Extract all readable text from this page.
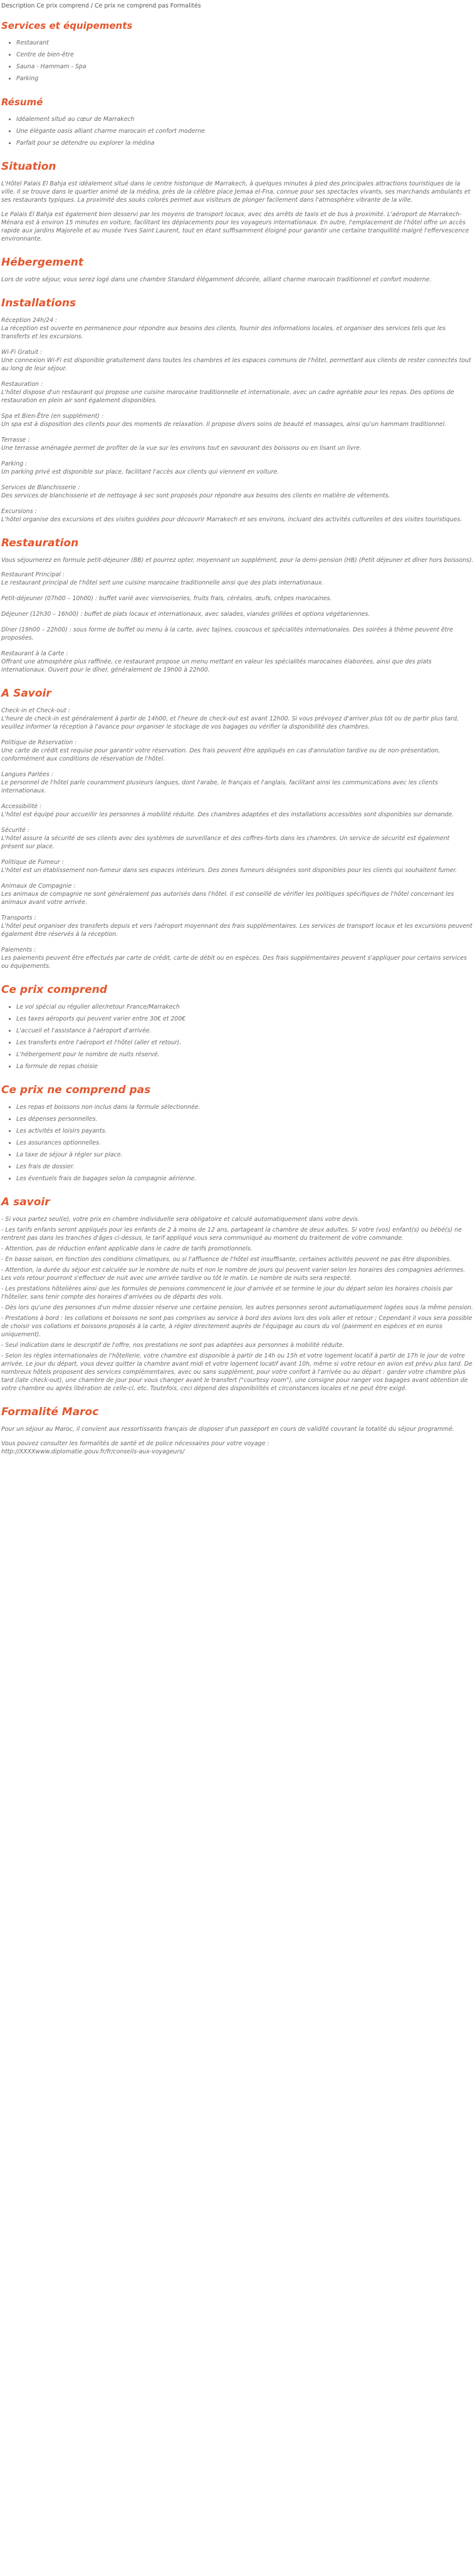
Description Ce prix comprend / Ce prix ne comprend pas Formalités
Services et équipements
• Restaurant
• Centre de bien-être
• Sauna - Hammam - Spa
• Parking
Résumé
• Idéalement situé au cœur de Marrakech
• Une élégante oasis alliant charme marocain et confort moderne
• Parfait pour se détendre ou explorer la médina
Situation

L'Hôtel Palais El Bahja est idéalement situé dans le centre historique de Marrakech, à quelques minutes à pied des principales attractions touristiques de la ville. Il se trouve dans le quartier animé de la médina, près de la célèbre place Jemaa el-Fna, connue pour ses spectacles vivants, ses marchands ambulants et ses restaurants typiques. La proximité des souks colorés permet aux visiteurs de plonger facilement dans l'atmosphère vibrante de la ville.

Le Palais El Bahja est également bien desservi par les moyens de transport locaux, avec des arrêts de taxis et de bus à proximité. L'aéroport de Marrakech-Ménara est à environ 15 minutes en voiture, facilitant les déplacements pour les voyageurs internationaux. En outre, l'emplacement de l'hôtel offre un accès rapide aux jardins Majorelle et au musée Yves Saint Laurent, tout en étant suffisamment éloigné pour garantir une certaine tranquillité malgré l'effervescence environnante.

Hébergement

Lors de votre séjour, vous serez logé dans une chambre Standard élégamment décorée, alliant charme marocain traditionnel et confort moderne.

Installations
Réception 24h/24 :
La réception est ouverte en permanence pour répondre aux besoins des clients, fournir des informations locales, et organiser des services tels que les transferts et les excursions.
Wi-Fi Gratuit :
Une connexion Wi-Fi est disponible gratuitement dans toutes les chambres et les espaces communs de l'hôtel, permettant aux clients de rester connectés tout au long de leur séjour.
Restauration :
L'hôtel dispose d'un restaurant qui propose une cuisine marocaine traditionnelle et internationale, avec un cadre agréable pour les repas. Des options de restauration en plein air sont également disponibles.
Spa et Bien-Être (en supplément) :
Un spa est à disposition des clients pour des moments de relaxation. Il propose divers soins de beauté et massages, ainsi qu'un hammam traditionnel.
Terrasse :
Une terrasse aménagée permet de profiter de la vue sur les environs tout en savourant des boissons ou en lisant un livre.
Parking :
Un parking privé est disponible sur place, facilitant l'accès aux clients qui viennent en voiture.
Services de Blanchisserie :
Des services de blanchisserie et de nettoyage à sec sont proposés pour répondre aux besoins des clients en matière de vêtements.
Excursions :
L'hôtel organise des excursions et des visites guidées pour découvrir Marrakech et ses environs, incluant des activités culturelles et des visites touristiques.
Restauration

Vous séjournerez en formule petit-déjeuner (BB) et pourrez opter, moyennant un supplément, pour la demi-pension (HB) (Petit déjeuner et dîner hors boissons).

Restaurant Principal :
Le restaurant principal de l'hôtel sert une cuisine marocaine traditionnelle ainsi que des plats internationaux.
Petit-déjeuner (07h00 – 10h00) : buffet varié avec viennoiseries, fruits frais, céréales, œufs, crêpes marocaines.
Déjeuner (12h30 – 16h00) : buffet de plats locaux et internationaux, avec salades, viandes grillées et options végétariennes.
Dîner (19h00 – 22h00) : sous forme de buffet ou menu à la carte, avec tajines, couscous et spécialités internationales. Des soirées à thème peuvent être proposées.
Restaurant à la Carte :
Offrant une atmosphère plus raffinée, ce restaurant propose un menu mettant en valeur les spécialités marocaines élaborées, ainsi que des plats internationaux. Ouvert pour le dîner, généralement de 19h00 à 22h00.
A Savoir
Check-in et Check-out :
L'heure de check-in est généralement à partir de 14h00, et l'heure de check-out est avant 12h00. Si vous prévoyez d'arriver plus tôt ou de partir plus tard, veuillez informer la réception à l'avance pour organiser le stockage de vos bagages ou vérifier la disponibilité des chambres.
Politique de Réservation :
Une carte de crédit est requise pour garantir votre réservation. Des frais peuvent être appliqués en cas d'annulation tardive ou de non-présentation, conformément aux conditions de réservation de l'hôtel.
Langues Parlées :
Le personnel de l'hôtel parle couramment plusieurs langues, dont l'arabe, le français et l'anglais, facilitant ainsi les communications avec les clients internationaux.
Accessibilité :
L'hôtel est équipé pour accueillir les personnes à mobilité réduite. Des chambres adaptées et des installations accessibles sont disponibles sur demande.
Sécurité :
L'hôtel assure la sécurité de ses clients avec des systèmes de surveillance et des coffres-forts dans les chambres. Un service de sécurité est également présent sur place.
Politique de Fumeur :
L'hôtel est un établissement non-fumeur dans ses espaces intérieurs. Des zones fumeurs désignées sont disponibles pour les clients qui souhaitent fumer.
Animaux de Compagnie :
Les animaux de compagnie ne sont généralement pas autorisés dans l'hôtel. Il est conseillé de vérifier les politiques spécifiques de l'hôtel concernant les animaux avant votre arrivée.
Transports :
L'hôtel peut organiser des transferts depuis et vers l'aéroport moyennant des frais supplémentaires. Les services de transport locaux et les excursions peuvent également être réservés à la réception.
Paiements :
Les paiements peuvent être effectués par carte de crédit, carte de débit ou en espèces. Des frais supplémentaires peuvent s'appliquer pour certains services ou équipements.
Ce prix comprend
• Le vol spécial ou régulier aller/retour France/Marrakech
• Les taxes aéroports qui peuvent varier entre 30€ et 200€
• L'accueil et l'assistance à l'aéroport d'arrivée.
• Les transferts entre l'aéroport et l'hôtel (aller et retour).
• L'hébergement pour le nombre de nuits réservé.
• La formule de repas choisie
Ce prix ne comprend pas
• Les repas et boissons non inclus dans la formule sélectionnée.
• Les dépenses personnelles.
• Les activités et loisirs payants.
• Les assurances optionnelles.
• La taxe de séjour à régler sur place.
• Les frais de dossier.
• Les éventuels frais de bagages selon la compagnie aérienne.
A savoir

- Si vous partez seul(e), votre prix en chambre individuelle sera obligatoire et calculé automatiquement dans votre devis.

- Les tarifs enfants seront appliqués pour les enfants de 2 à moins de 12 ans, partageant la chambre de deux adultes. Si votre (vos) enfant(s) ou bébé(s) ne rentrent pas dans les tranches d'âges ci-dessus, le tarif appliqué vous sera communiqué au moment du traitement de votre commande.

- Attention, pas de réduction enfant applicable dans le cadre de tarifs promotionnels.

- En basse saison, en fonction des conditions climatiques, ou si l'affluence de l'hôtel est insuffisante, certaines activités peuvent ne pas être disponibles.

- Attention, la durée du séjour est calculée sur le nombre de nuits et non le nombre de jours qui peuvent varier selon les horaires des compagnies aériennes. Les vols retour pourront s'effectuer de nuit avec une arrivée tardive ou tôt le matin. Le nombre de nuits sera respecté.

- Les prestations hôtelières ainsi que les formules de pensions commencent le jour d'arrivée et se termine le jour du départ selon les horaires choisis par l'hôtelier, sans tenir compte des horaires d'arrivées ou de départs des vols.

- Dès lors qu'une des personnes d'un même dossier réserve une certaine pension, les autres personnes seront automatiquement logées sous la même pension.

- Prestations à bord : les collations et boissons ne sont pas comprises au service à bord des avions lors des vols aller et retour ; Cependant il vous sera possible de choisir vos collations et boissons proposés à la carte, à régler directement auprès de l'équipage au cours du vol (paiement en espèces et en euros uniquement).

- Seul indication dans le descriptif de l'offre, nos prestations ne sont pas adaptées aux personnes à mobilité réduite.

- Selon les règles internationales de l'hôtellerie, votre chambre est disponible à partir de 14h ou 15h et votre logement locatif à partir de 17h le jour de votre arrivée. Le jour du départ, vous devez quitter la chambre avant midi et votre logement locatif avant 10h, même si votre retour en avion est prévu plus tard. De nombreux hôtels proposent des services complémentaires, avec ou sans supplément, pour votre confort à l'arrivée ou au départ : garder votre chambre plus tard (late check-out), une chambre de jour pour vous changer avant le transfert ("courtesy room"), une consigne pour ranger vos bagages avant obtention de votre chambre ou après libération de celle-ci, etc. Toutefois, ceci dépend des disponibilités et circonstances locales et ne peut être exigé.

Formalité Maroc

Pour un séjour au Maroc, il convient aux ressortissants français de disposer d'un passeport en cours de validité couvrant la totalité du séjour programmé.

Vous pouvez consulter les formalités de santé et de police nécessaires pour votre voyage :

http://XXXXwww.diplomatie.gouv.fr/fr/conseils-aux-voyageurs/
